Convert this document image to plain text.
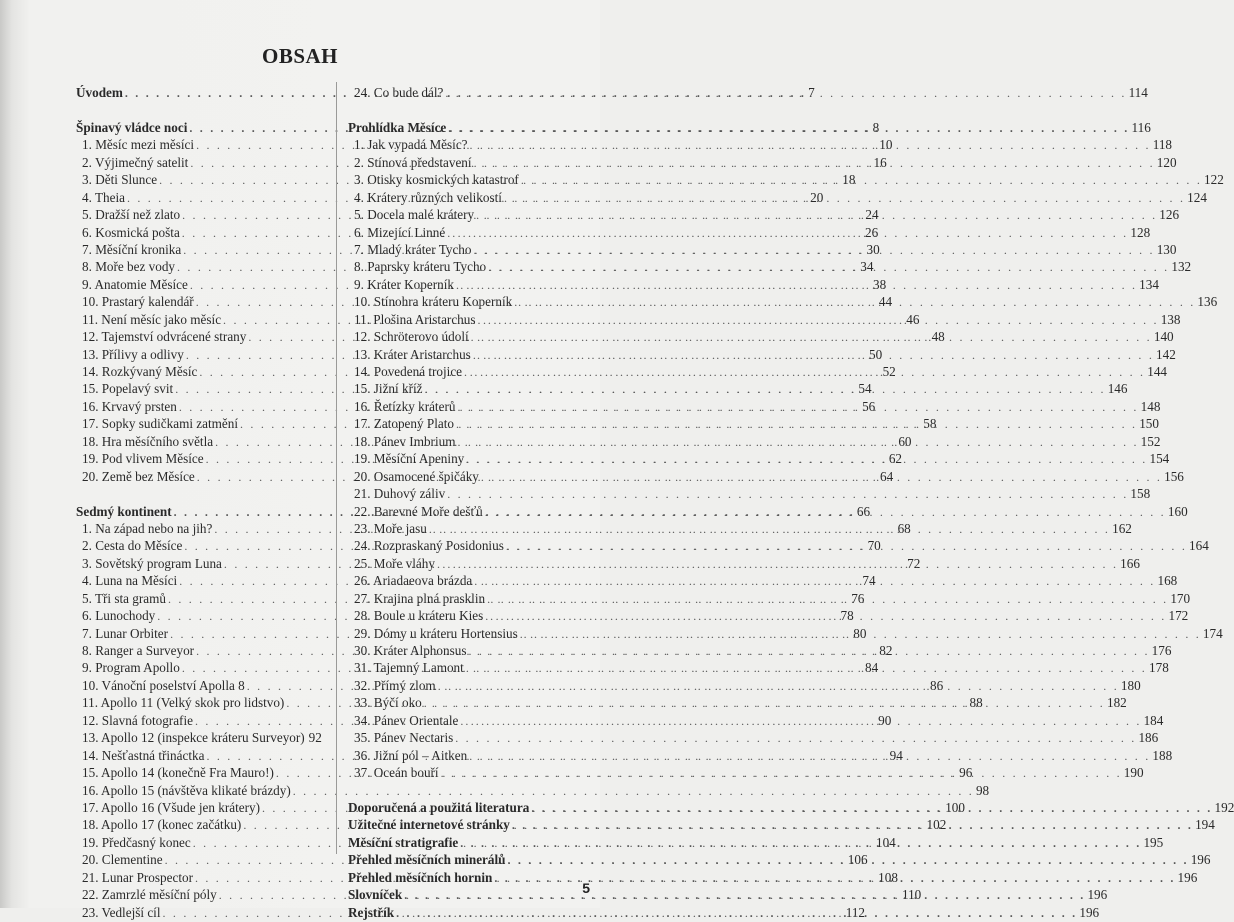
OBSAH
Úvodem . . .	7
Špinavý vládce noci . . .	8
1. Měsíc mezi měsíci . . .	10
2. Výjimečný satelit . . .	16
3. Děti Slunce . . .	18
4. Theia . . .	20
5. Dražší než zlato . . .	24
6. Kosmická pošta . . .	26
7. Měsíční kronika . . .	30
8. Moře bez vody . . .	34
9. Anatomie Měsíce . . .	38
10. Prastarý kalendář . . .	44
11. Není měsíc jako měsíc . . .	46
12. Tajemství odvrácené strany . . .	48
13. Přílivy a odlivy . . .	50
14. Rozkývaný Měsíc . . .	52
15. Popelavý svit . . .	54
16. Krvavý prsten . . .	56
17. Sopky sudičkami zatmění . . .	58
18. Hra měsíčního světla . . .	60
19. Pod vlivem Měsíce . . .	62
20. Země bez Měsíce . . .	64
Sedmý kontinent . . .	66
1. Na západ nebo na jih? . . .	68
2. Cesta do Měsíce . . .	70
3. Sovětský program Luna . . .	72
4. Luna na Měsíci . . .	74
5. Tři sta gramů . . .	76
6. Lunochody . . .	78
7. Lunar Orbiter . . .	80
8. Ranger a Surveyor . . .	82
9. Program Apollo . . .	84
10. Vánoční poselství Apolla 8 . . .	86
11. Apollo 11 (Velký skok pro lidstvo) . . .	88
12. Slavná fotografie . . .	90
13. Apollo 12 (inspekce kráteru Surveyor) 92
14. Nešťastná třináctka . . .	94
15. Apollo 14 (konečně Fra Mauro!) . . .	96
16. Apollo 15 (návštěva klikaté brázdy) . . .	98
17. Apollo 16 (Všude jen krátery) . . .	100
18. Apollo 17 (konec začátku) . . .	102
19. Předčasný konec . . .	104
20. Clementine . . .	106
21. Lunar Prospector . . .	108
22. Zamrzlé měsíční póly . . .	110
23. Vedlejší cíl . . .	112
24. Co bude dál? . . .	114
Prohlídka Měsíce . . .	116
1. Jak vypadá Měsíc? . . .	118
2. Stínová představení . . .	120
3. Otisky kosmických katastrof . . .	122
4. Krátery různých velikostí . . .	124
5. Docela malé krátery . . .	126
6. Mizející Linné . . .	128
7. Mladý kráter Tycho . . .	130
8. Paprsky kráteru Tycho . . .	132
9. Kráter Koperník . . .	134
10. Stínohra kráteru Koperník . . .	136
11. Plošina Aristarchus . . .	138
12. Schröterovo údolí . . .	140
13. Kráter Aristarchus . . .	142
14. Povedená trojice . . .	144
15. Jižní kříž . . .	146
16. Řetízky kráterů . . .	148
17. Zatopený Plato . . .	150
18. Pánev Imbrium . . .	152
19. Měsíční Apeniny . . .	154
20. Osamocené špičáky . . .	156
21. Duhový záliv . . .	158
22. Barevné Moře dešťů . . .	160
23. Moře jasu . . .	162
24. Rozpraskaný Posidonius . . .	164
25. Moře vláhy . . .	166
26. Ariadaeova brázda . . .	168
27. Krajina plná prasklin . . .	170
28. Boule u kráteru Kies . . .	172
29. Dómy u kráteru Hortensius . . .	174
30. Kráter Alphonsus . . .	176
31. Tajemný Lamont . . .	178
32. Přímý zlom . . .	180
33. Býčí oko . . .	182
34. Pánev Orientale . . .	184
35. Pánev Nectaris . . .	186
36. Jižní pól – Aitken . . .	188
37. Oceán bouří . . .	190
Doporučená a použitá literatura . . .	192
Užitečné internetové stránky . . .	194
Měsíční stratigrafie . . .	195
Přehled měsíčních minerálů . . .	196
Přehled měsíčních hornin . . .	196
Slovníček . . .	196
Rejstřík . . .	196
5
